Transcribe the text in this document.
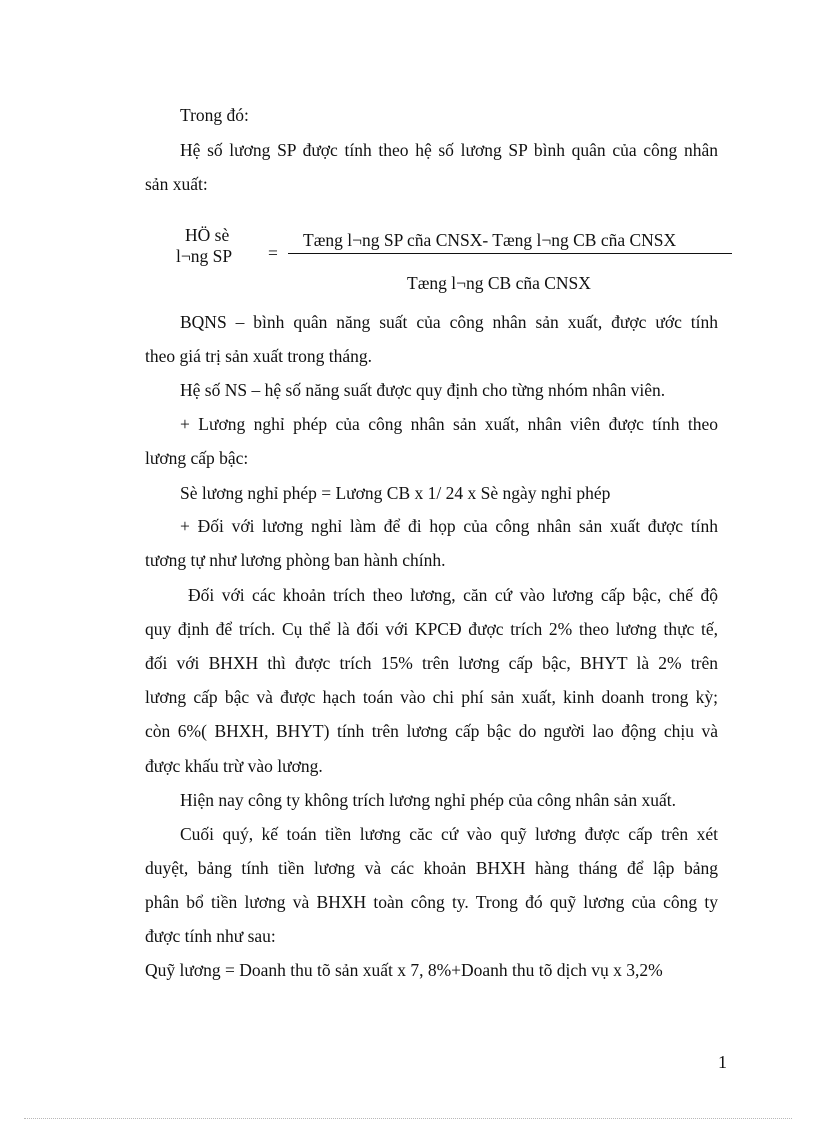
Trong đó:
Hệ số lương SP được tính theo hệ số lương SP bình quân của công nhân
sản xuất:
HÖ sè
l¬ng SP =
Tæng l¬ng SP cña CNSX- Tæng l¬ng CB cña CNSX
Tæng l¬ng CB cña CNSX
BQNS – bình quân năng suất của công nhân sản xuất, được ước tính
theo giá trị sản xuất trong tháng.
Hệ số NS – hệ số năng suất được quy định cho từng nhóm nhân viên.
+ Lương nghỉ phép của công nhân sản xuất, nhân viên được tính theo
lương cấp bậc:
Sè lương nghỉ phép = Lương CB x 1/ 24 x Sè ngày nghỉ phép
+ Đối với lương nghỉ làm để đi họp của công nhân sản xuất được tính
tương tự như lương phòng ban hành chính.
Đối với các khoản trích theo lương, căn cứ vào lương cấp bậc, chế độ
quy định để trích. Cụ thể là đối với KPCĐ được trích 2% theo lương thực tế,
đối với BHXH thì được trích 15% trên lương cấp bậc, BHYT là 2% trên
lương cấp bậc và được hạch toán vào chi phí sản xuất, kinh doanh trong kỳ;
còn 6%( BHXH, BHYT) tính trên lương cấp bậc do người lao động chịu và
được khấu trừ vào lương.
Hiện nay công ty không trích lương nghỉ phép của công nhân sản xuất.
Cuối quý, kế toán tiền lương căc cứ vào quỹ lương được cấp trên xét
duyệt, bảng tính tiền lương và các khoản BHXH hàng tháng để lập bảng
phân bổ tiền lương và BHXH toàn công ty. Trong đó quỹ lương của công ty
được tính như sau:
Quỹ lương = Doanh thu tõ sản xuất x 7, 8%+Doanh thu tõ dịch vụ x 3,2%
1
